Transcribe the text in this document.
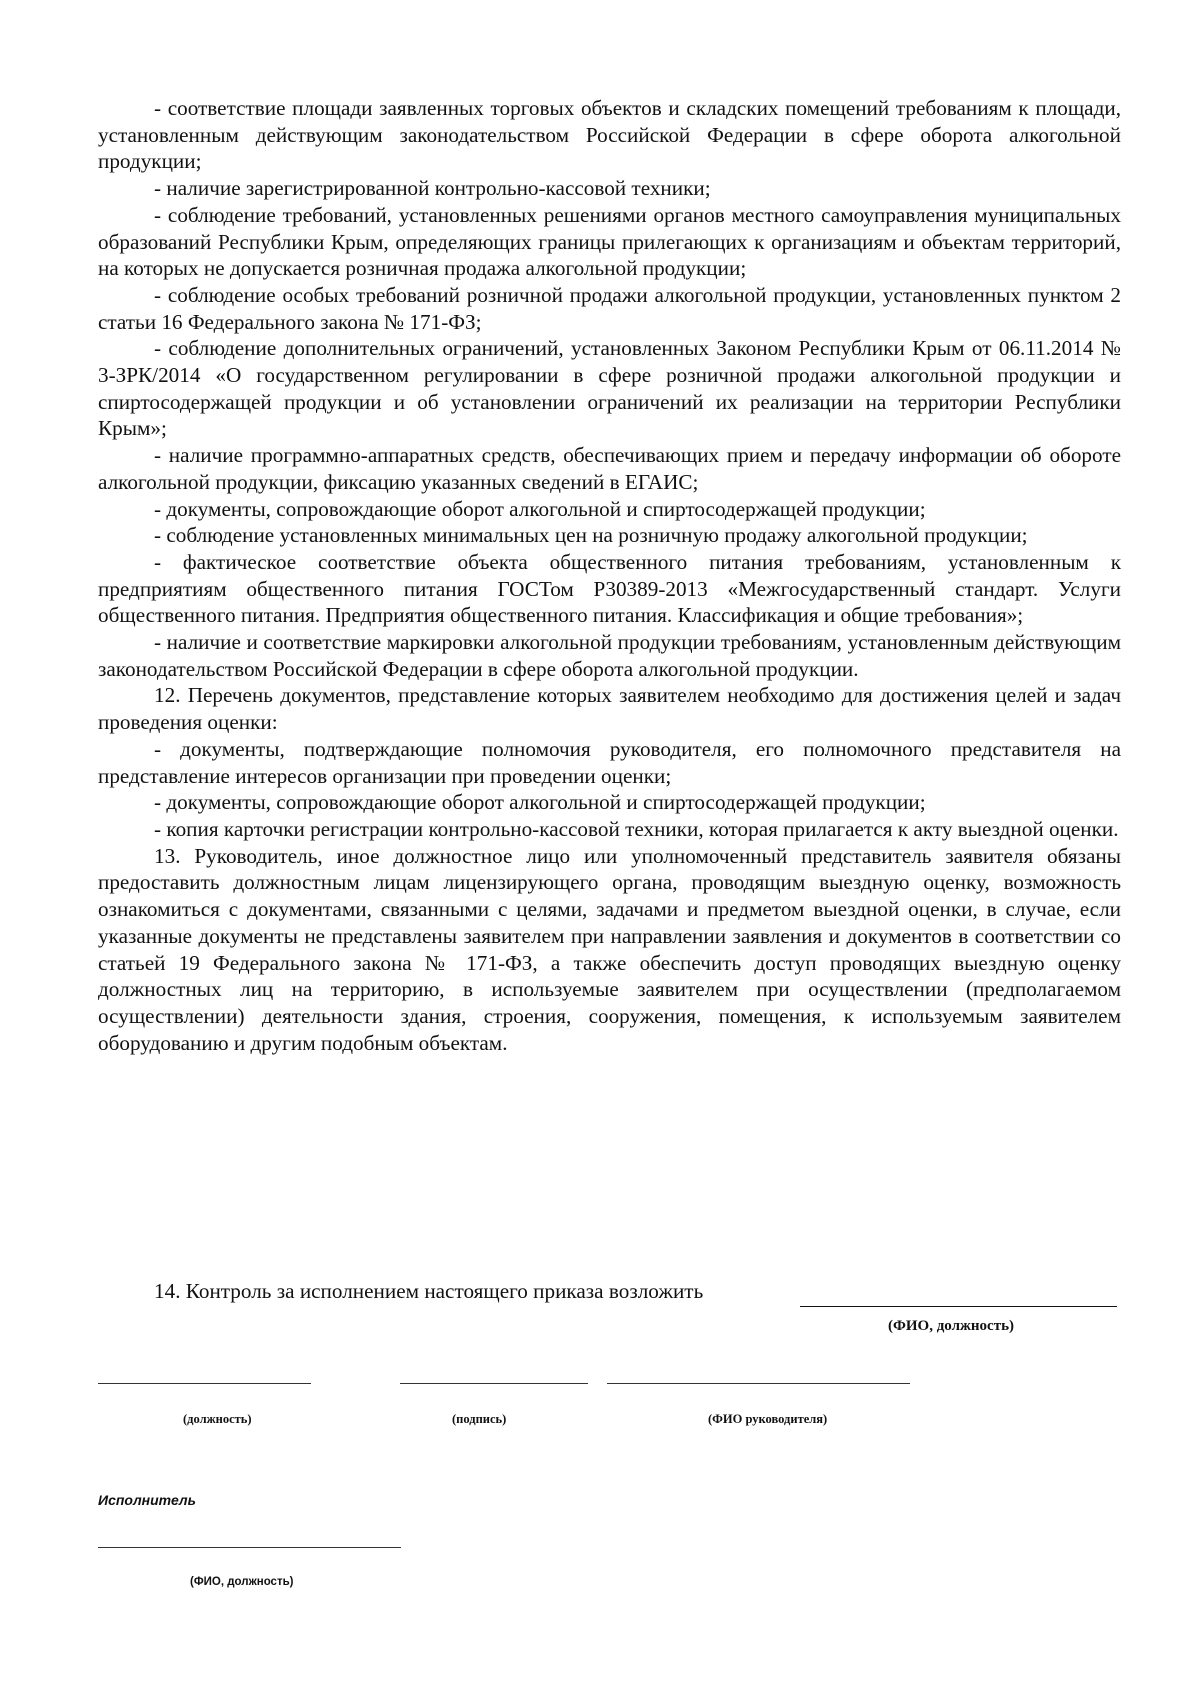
- соответствие площади заявленных торговых объектов и складских помещений требованиям к площади, установленным действующим законодательством Российской Федерации в сфере оборота алкогольной продукции;

- наличие зарегистрированной контрольно-кассовой техники;

- соблюдение требований, установленных решениями органов местного самоуправления муниципальных образований Республики Крым, определяющих границы прилегающих к организациям и объектам территорий, на которых не допускается розничная продажа алкогольной продукции;

- соблюдение особых требований розничной продажи алкогольной продукции, установленных пунктом 2 статьи 16 Федерального закона № 171-ФЗ;

- соблюдение дополнительных ограничений, установленных Законом Республики Крым от 06.11.2014 № 3-ЗРК/2014 «О государственном регулировании в сфере розничной продажи алкогольной продукции и спиртосодержащей продукции и об установлении ограничений их реализации на территории Республики Крым»;

- наличие программно-аппаратных средств, обеспечивающих прием и передачу информации об обороте алкогольной продукции, фиксацию указанных сведений в ЕГАИС;

- документы, сопровождающие оборот алкогольной и спиртосодержащей продукции;

- соблюдение установленных минимальных цен на розничную продажу алкогольной продукции;

- фактическое соответствие объекта общественного питания требованиям, установленным к предприятиям общественного питания ГОСТом Р30389-2013 «Межгосударственный стандарт. Услуги общественного питания. Предприятия общественного питания. Классификация и общие требования»;

- наличие и соответствие маркировки алкогольной продукции требованиям, установленным действующим законодательством Российской Федерации в сфере оборота алкогольной продукции.

12. Перечень документов, представление которых заявителем необходимо для достижения целей и задач проведения оценки:

- документы, подтверждающие полномочия руководителя, его полномочного представителя на представление интересов организации при проведении оценки;

- документы, сопровождающие оборот алкогольной и спиртосодержащей продукции;

- копия карточки регистрации контрольно-кассовой техники, которая прилагается к акту выездной оценки.

13. Руководитель, иное должностное лицо или уполномоченный представитель заявителя обязаны предоставить должностным лицам лицензирующего органа, проводящим выездную оценку, возможность ознакомиться с документами, связанными с целями, задачами и предметом выездной оценки, в случае, если указанные документы не представлены заявителем при направлении заявления и документов в соответствии со статьей 19 Федерального закона № 171-ФЗ, а также обеспечить доступ проводящих выездную оценку должностных лиц на территорию, в используемые заявителем при осуществлении (предполагаемом осуществлении) деятельности здания, строения, сооружения, помещения, к используемым заявителем оборудованию и другим подобным объектам.

14. Контроль за исполнением настоящего приказа возложить
(ФИО, должность)
(должность)	(подпись)	(ФИО руководителя)
Исполнитель
(ФИО, должность)
